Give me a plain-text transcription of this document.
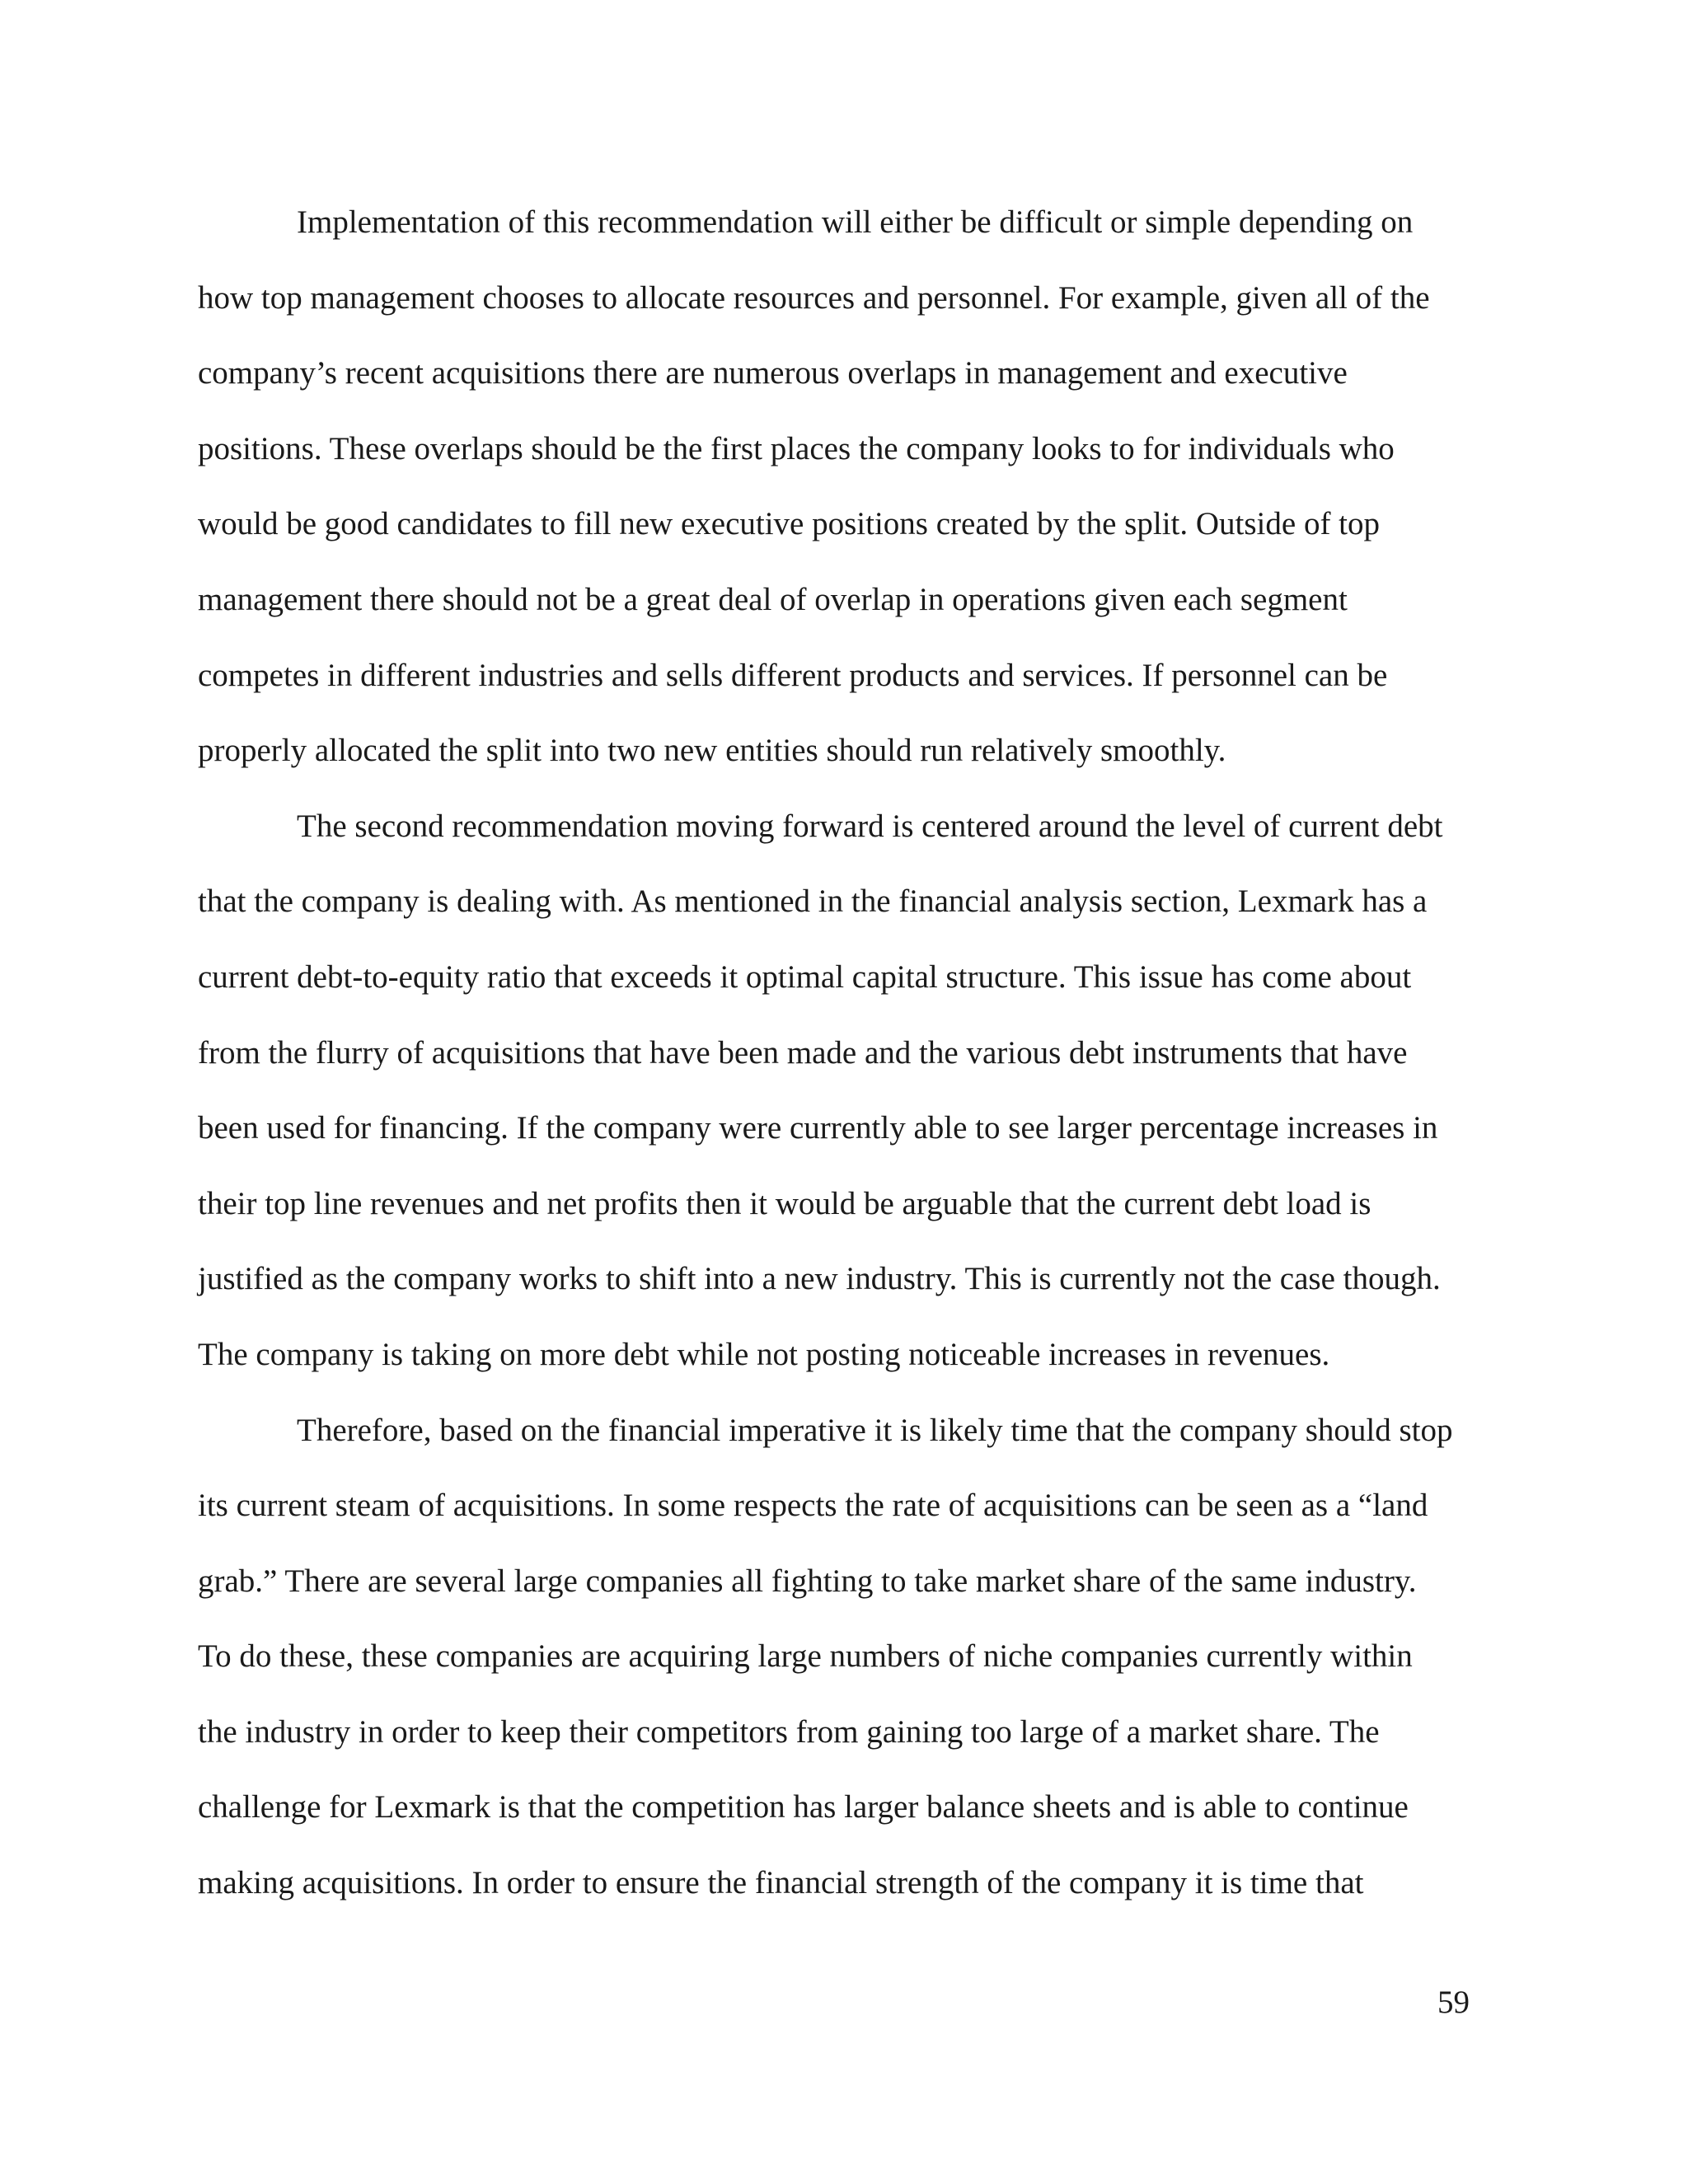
Implementation of this recommendation will either be difficult or simple depending on
how top management chooses to allocate resources and personnel. For example, given all of the
company’s recent acquisitions there are numerous overlaps in management and executive
positions. These overlaps should be the first places the company looks to for individuals who
would be good candidates to fill new executive positions created by the split. Outside of top
management there should not be a great deal of overlap in operations given each segment
competes in different industries and sells different products and services. If personnel can be
properly allocated the split into two new entities should run relatively smoothly.
The second recommendation moving forward is centered around the level of current debt
that the company is dealing with. As mentioned in the financial analysis section, Lexmark has a
current debt-to-equity ratio that exceeds it optimal capital structure. This issue has come about
from the flurry of acquisitions that have been made and the various debt instruments that have
been used for financing. If the company were currently able to see larger percentage increases in
their top line revenues and net profits then it would be arguable that the current debt load is
justified as the company works to shift into a new industry. This is currently not the case though.
The company is taking on more debt while not posting noticeable increases in revenues.
Therefore, based on the financial imperative it is likely time that the company should stop
its current steam of acquisitions. In some respects the rate of acquisitions can be seen as a “land
grab.” There are several large companies all fighting to take market share of the same industry.
To do these, these companies are acquiring large numbers of niche companies currently within
the industry in order to keep their competitors from gaining too large of a market share. The
challenge for Lexmark is that the competition has larger balance sheets and is able to continue
making acquisitions. In order to ensure the financial strength of the company it is time that
59
